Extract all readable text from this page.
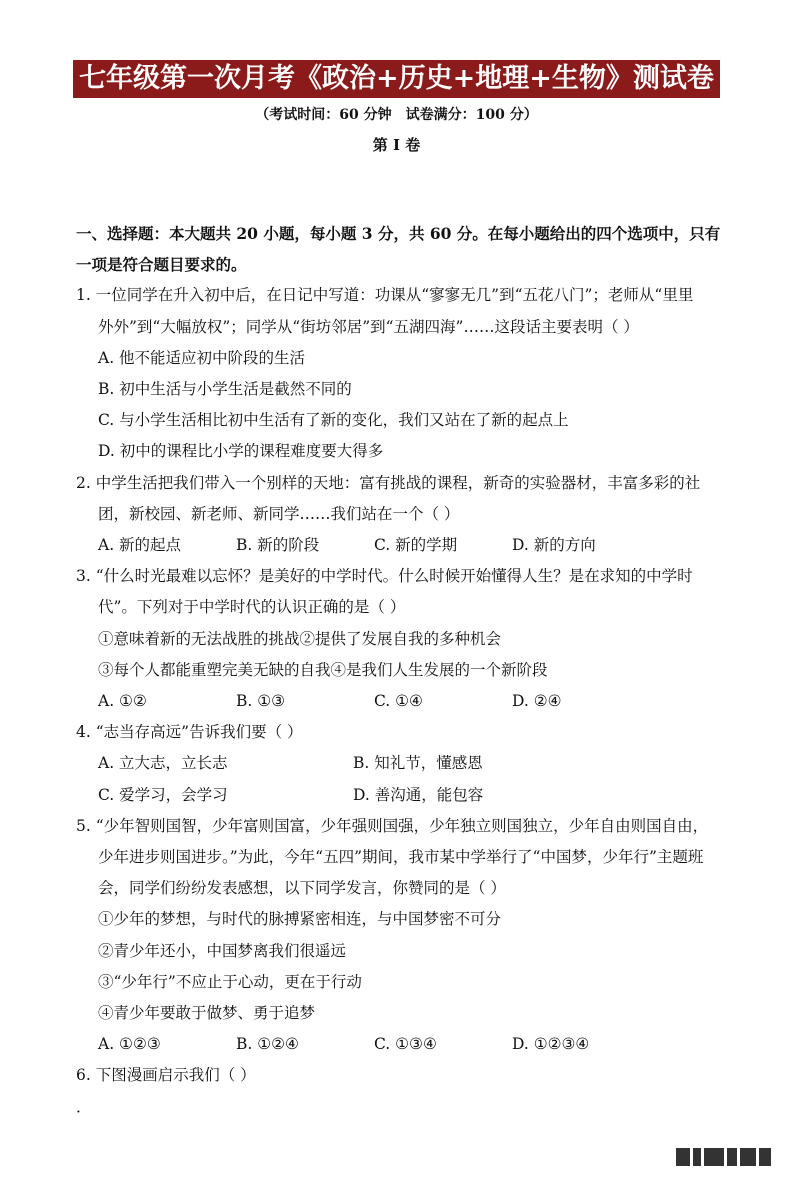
七年级第一次月考《政治+历史+地理+生物》测试卷
（考试时间：60 分钟　试卷满分：100 分）
第 I 卷
一、选择题：本大题共 20 小题，每小题 3 分，共 60 分。在每小题给出的四个选项中，只有
一项是符合题目要求的。
1. 一位同学在升入初中后，在日记中写道：功课从“寥寥无几”到“五花八门”；老师从“里里
外外”到“大幅放权”；同学从“街坊邻居”到“五湖四海”……这段话主要表明（ ）
A. 他不能适应初中阶段的生活
B. 初中生活与小学生活是截然不同的
C. 与小学生活相比初中生活有了新的变化，我们又站在了新的起点上
D. 初中的课程比小学的课程难度要大得多
2. 中学生活把我们带入一个别样的天地：富有挑战的课程，新奇的实验器材，丰富多彩的社
团，新校园、新老师、新同学……我们站在一个（ ）
A. 新的起点	B. 新的阶段	C. 新的学期	D. 新的方向
3. “什么时光最难以忘怀？是美好的中学时代。什么时候开始懂得人生？是在求知的中学时
代”。下列对于中学时代的认识正确的是（ ）
①意味着新的无法战胜的挑战②提供了发展自我的多种机会
③每个人都能重塑完美无缺的自我④是我们人生发展的一个新阶段
A. ①②	B. ①③	C. ①④	D. ②④
4. “志当存高远”告诉我们要（ ）
A. 立大志，立长志	B. 知礼节，懂感恩
C. 爱学习，会学习	D. 善沟通，能包容
5. “少年智则国智，少年富则国富，少年强则国强，少年独立则国独立，少年自由则国自由，
少年进步则国进步。”为此，今年“五四”期间，我市某中学举行了“中国梦，少年行”主题班
会，同学们纷纷发表感想，以下同学发言，你赞同的是（ ）
①少年的梦想，与时代的脉搏紧密相连，与中国梦密不可分
②青少年还小，中国梦离我们很遥远
③“少年行”不应止于心动，更在于行动
④青少年要敢于做梦、勇于追梦
A. ①②③	B. ①②④	C. ①③④	D. ①②③④
6. 下图漫画启示我们（ ）
．
